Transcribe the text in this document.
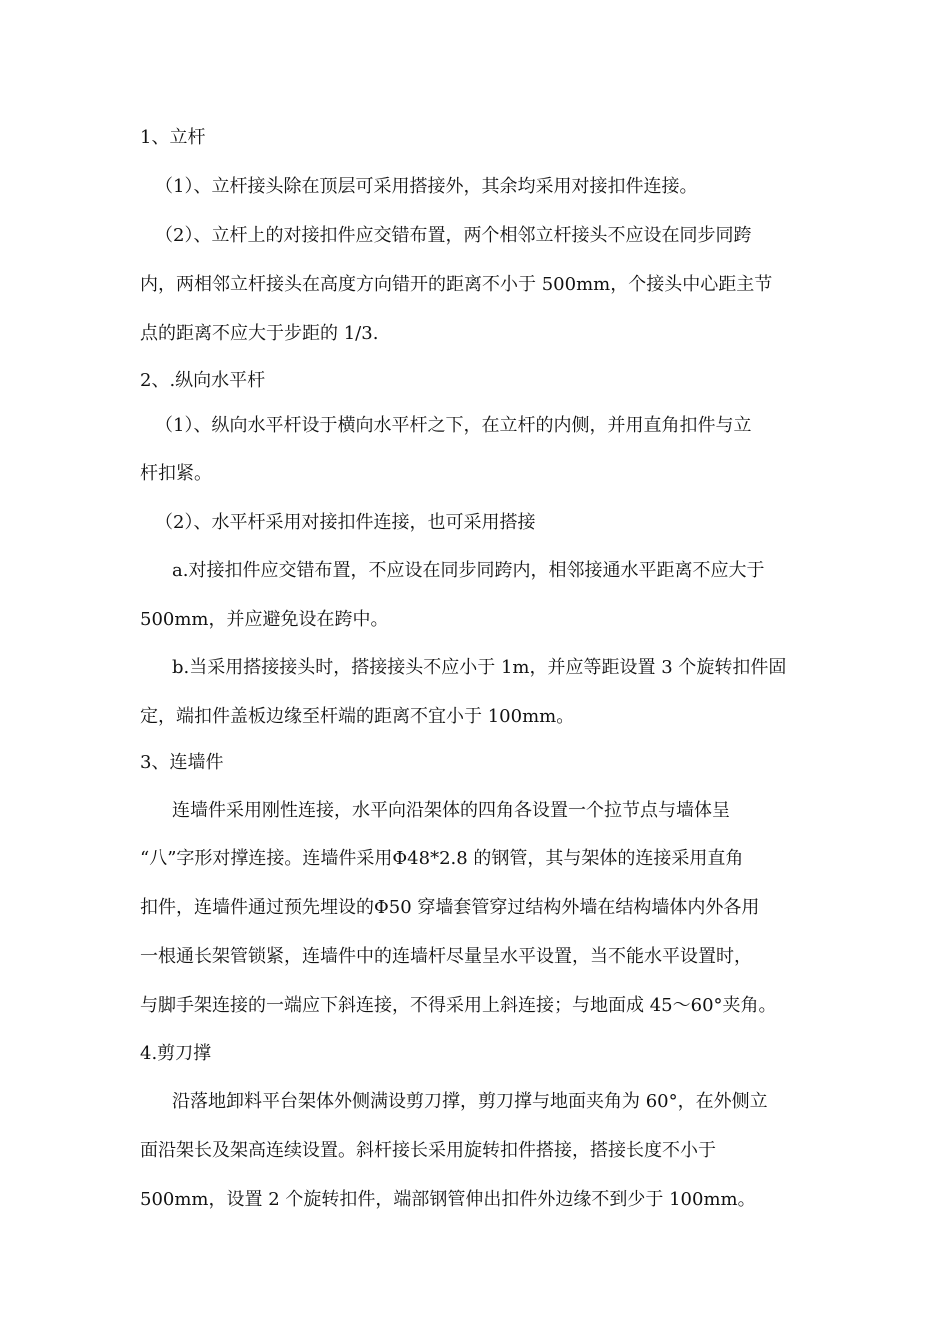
1、立杆
（1）、立杆接头除在顶层可采用搭接外，其余均采用对接扣件连接。
（2）、立杆上的对接扣件应交错布置，两个相邻立杆接头不应设在同步同跨
内，两相邻立杆接头在高度方向错开的距离不小于 500mm，个接头中心距主节
点的距离不应大于步距的 1/3.
2、.纵向水平杆
（1）、纵向水平杆设于横向水平杆之下，在立杆的内侧，并用直角扣件与立
杆扣紧。
（2）、水平杆采用对接扣件连接，也可采用搭接
a.对接扣件应交错布置，不应设在同步同跨内，相邻接通水平距离不应大于
500mm，并应避免设在跨中。
b.当采用搭接接头时，搭接接头不应小于 1m，并应等距设置 3 个旋转扣件固
定，端扣件盖板边缘至杆端的距离不宜小于 100mm。
3、连墙件
连墙件采用刚性连接，水平向沿架体的四角各设置一个拉节点与墙体呈
“八”字形对撑连接。连墙件采用Φ48*2.8 的钢管，其与架体的连接采用直角
扣件，连墙件通过预先埋设的Φ50 穿墙套管穿过结构外墙在结构墙体内外各用
一根通长架管锁紧，连墙件中的连墙杆尽量呈水平设置，当不能水平设置时，
与脚手架连接的一端应下斜连接，不得采用上斜连接；与地面成 45～60°夹角。
4.剪刀撑
沿落地卸料平台架体外侧满设剪刀撑，剪刀撑与地面夹角为 60°，在外侧立
面沿架长及架高连续设置。斜杆接长采用旋转扣件搭接，搭接长度不小于
500mm，设置 2 个旋转扣件，端部钢管伸出扣件外边缘不到少于 100mm。
